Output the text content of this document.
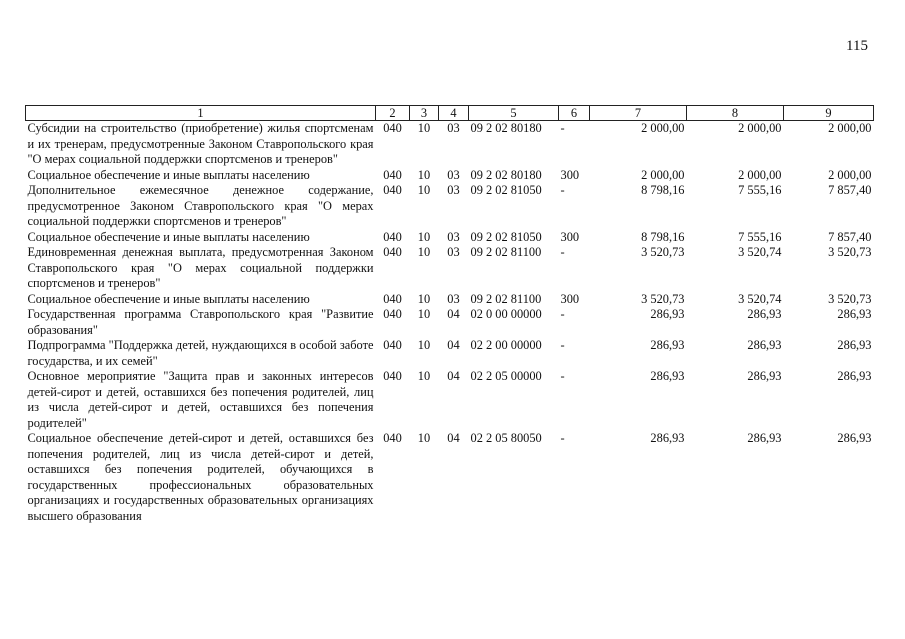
115
1	2	3	4	5	6	7	8	9
Субсидии на строительство (приобретение) жилья спортсменам и их тренерам, предусмотренные Законом Ставропольского края "О мерах социальной поддержки спортсменов и тренеров"	040	10	03	09 2 02 80180	-	2 000,00	2 000,00	2 000,00
Социальное обеспечение и иные выплаты населению	040	10	03	09 2 02 80180	300	2 000,00	2 000,00	2 000,00
Дополнительное ежемесячное денежное содержание, предусмотренное Законом Ставропольского края "О мерах социальной поддержки спортсменов и тренеров"	040	10	03	09 2 02 81050	-	8 798,16	7 555,16	7 857,40
Социальное обеспечение и иные выплаты населению	040	10	03	09 2 02 81050	300	8 798,16	7 555,16	7 857,40
Единовременная денежная выплата, предусмотренная Законом Ставропольского края "О мерах социальной поддержки спортсменов и тренеров"	040	10	03	09 2 02 81100	-	3 520,73	3 520,74	3 520,73
Социальное обеспечение и иные выплаты населению	040	10	03	09 2 02 81100	300	3 520,73	3 520,74	3 520,73
Государственная программа Ставропольского края "Развитие образования"	040	10	04	02 0 00 00000	-	286,93	286,93	286,93
Подпрограмма "Поддержка детей, нуждающихся в особой заботе государства, и их семей"	040	10	04	02 2 00 00000	-	286,93	286,93	286,93
Основное мероприятие "Защита прав и законных интересов детей-сирот и детей, оставшихся без попечения родителей, лиц из числа детей-сирот и детей, оставшихся без попечения родителей"	040	10	04	02 2 05 00000	-	286,93	286,93	286,93
Социальное обеспечение детей-сирот и детей, оставшихся без попечения родителей, лиц из числа детей-сирот и детей, оставшихся без попечения родителей, обучающихся в государственных профессиональных образовательных организациях и государственных образовательных организациях высшего образования	040	10	04	02 2 05 80050	-	286,93	286,93	286,93
